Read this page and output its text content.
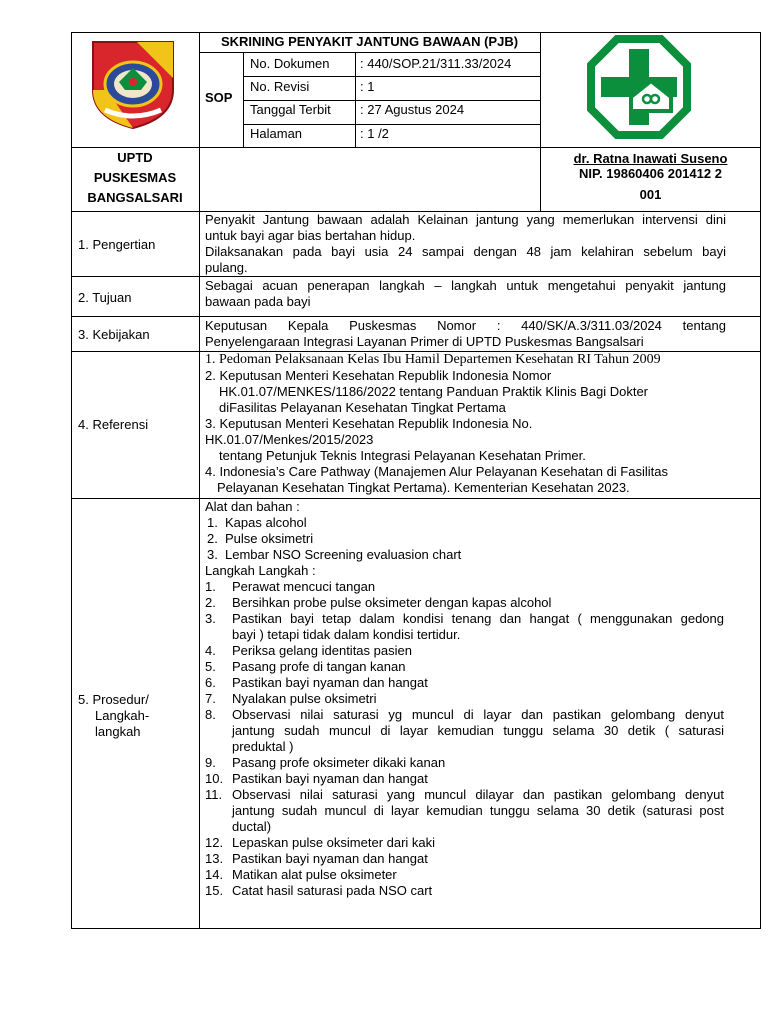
SKRINING PENYAKIT JANTUNG BAWAAN (PJB)
SOP
No. Dokumen : 440/SOP.21/311.33/2024
No. Revisi	: 1
Tanggal Terbit : 27 Agustus 2024
Halaman	: 1 /2
UPTD
PUSKESMAS
BANGSALSARI
dr. Ratna Inawati Suseno
NIP. 19860406 201412 2
001
1. Pengertian
Penyakit Jantung bawaan adalah Kelainan jantung yang memerlukan intervensi dini
untuk bayi agar bias bertahan hidup.
Dilaksanakan pada bayi usia 24 sampai dengan 48 jam kelahiran sebelum bayi
pulang.
2. Tujuan
Sebagai acuan penerapan langkah – langkah untuk mengetahui penyakit jantung
bawaan pada bayi
3. Kebijakan
Keputusan Kepala Puskesmas Nomor : 440/SK/A.3/311.03/2024 tentang
Penyelengaraan Integrasi Layanan Primer di UPTD Puskesmas Bangsalsari
4. Referensi
1. Pedoman Pelaksanaan Kelas Ibu Hamil Departemen Kesehatan RI Tahun 2009
2. Keputusan Menteri Kesehatan Republik Indonesia Nomor
HK.01.07/MENKES/1186/2022 tentang Panduan Praktik Klinis Bagi Dokter
diFasilitas Pelayanan Kesehatan Tingkat Pertama
3. Keputusan Menteri Kesehatan Republik Indonesia No.
HK.01.07/Menkes/2015/2023
tentang Petunjuk Teknis Integrasi Pelayanan Kesehatan Primer.
4. Indonesia’s Care Pathway (Manajemen Alur Pelayanan Kesehatan di Fasilitas
Pelayanan Kesehatan Tingkat Pertama). Kementerian Kesehatan 2023.
5. Prosedur/
Langkah-
langkah
Alat dan bahan :
1. Kapas alcohol
2. Pulse oksimetri
3. Lembar NSO Screening evaluasion chart
Langkah Langkah :
1. Perawat mencuci tangan
2. Bersihkan probe pulse oksimeter dengan kapas alcohol
3. Pastikan bayi tetap dalam kondisi tenang dan hangat ( menggunakan gedong
bayi ) tetapi tidak dalam kondisi tertidur.
4. Periksa gelang identitas pasien
5. Pasang profe di tangan kanan
6. Pastikan bayi nyaman dan hangat
7. Nyalakan pulse oksimetri
8. Observasi nilai saturasi yg muncul di layar dan pastikan gelombang denyut
jantung sudah muncul di layar kemudian tunggu selama 30 detik ( saturasi
preduktal )
9. Pasang profe oksimeter dikaki kanan
10. Pastikan bayi nyaman dan hangat
11. Observasi nilai saturasi yang muncul dilayar dan pastikan gelombang denyut
jantung sudah muncul di layar kemudian tunggu selama 30 detik (saturasi post
ductal)
12. Lepaskan pulse oksimeter dari kaki
13. Pastikan bayi nyaman dan hangat
14. Matikan alat pulse oksimeter
15. Catat hasil saturasi pada NSO cart
